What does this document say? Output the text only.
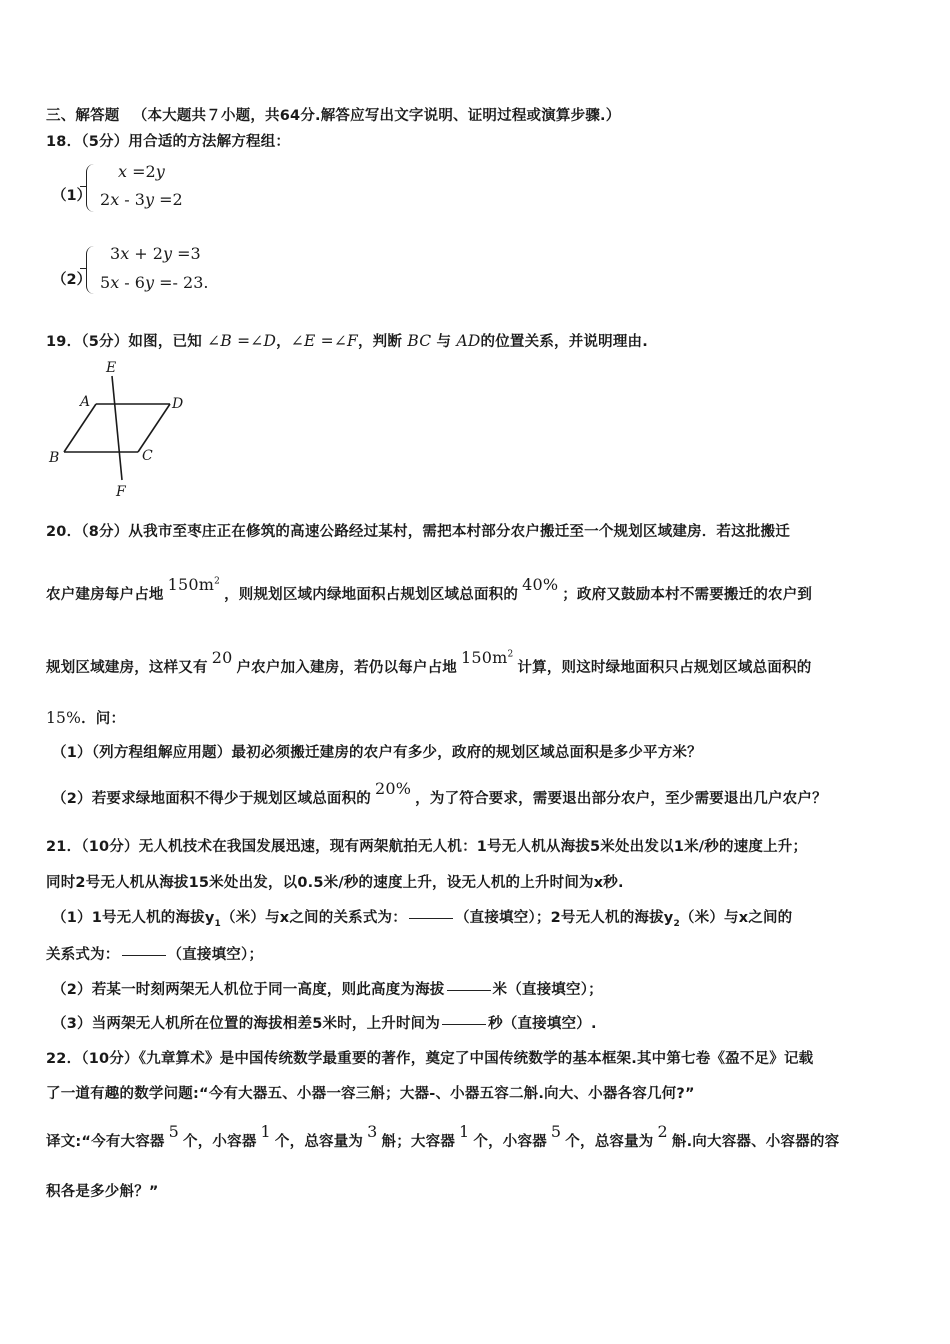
三、解答题 （本大题共７小题，共64分.解答应写出文字说明、证明过程或演算步骤.）
18．（5分）用合适的方法解方程组：
（1）
x =2y
2x - 3y =2
（2）
3x + 2y =3
5x - 6y =- 23.
19．（5分）如图，已知 ∠B =∠D，∠E =∠F，判断 BC 与 AD的位置关系，并说明理由.
E
A	D
B	C
F
20．（8分）从我市至枣庄正在修筑的高速公路经过某村，需把本村部分农户搬迁至一个规划区域建房．若这批搬迁
农户建房每户占地$150m^2$，则规划区域内绿地面积占规划区域总面积的40%；政府又鼓励本村不需要搬迁的农户到
规划区域建房，这样又有20户农户加入建房，若仍以每户占地$150m^2$计算，则这时绿地面积只占规划区域总面积的
15%．问：
（1）（列方程组解应用题）最初必须搬迁建房的农户有多少，政府的规划区域总面积是多少平方米？
（2）若要求绿地面积不得少于规划区域总面积的20%，为了符合要求，需要退出部分农户，至少需要退出几户农户？
21．（10分）无人机技术在我国发展迅速，现有两架航拍无人机：1号无人机从海拔5米处出发以1米/秒的速度上升；
同时2号无人机从海拔15米处出发，以0.5米/秒的速度上升，设无人机的上升时间为x秒.
（1）1号无人机的海拔$y_1$（米）与x之间的关系式为：	（直接填空）；2号无人机的海拔$y_2$（米）与x之间的
关系式为：	（直接填空）；
（2）若某一时刻两架无人机位于同一高度，则此高度为海拔	米（直接填空）；
（3）当两架无人机所在位置的海拔相差5米时，上升时间为	秒（直接填空）.
22．（10分）《九章算术》是中国传统数学最重要的著作，奠定了中国传统数学的基本框架.其中第七卷《盈不足》记载
了一道有趣的数学问题:“今有大器五、小器一容三斛；大器-、小器五容二斛.向大、小器各容几何?”
译文:“今有大容器5个，小容器1个，总容量为3斛；大容器1个，小容器5个，总容量为2斛.向大容器、小容器的容
积各是多少斛？”
